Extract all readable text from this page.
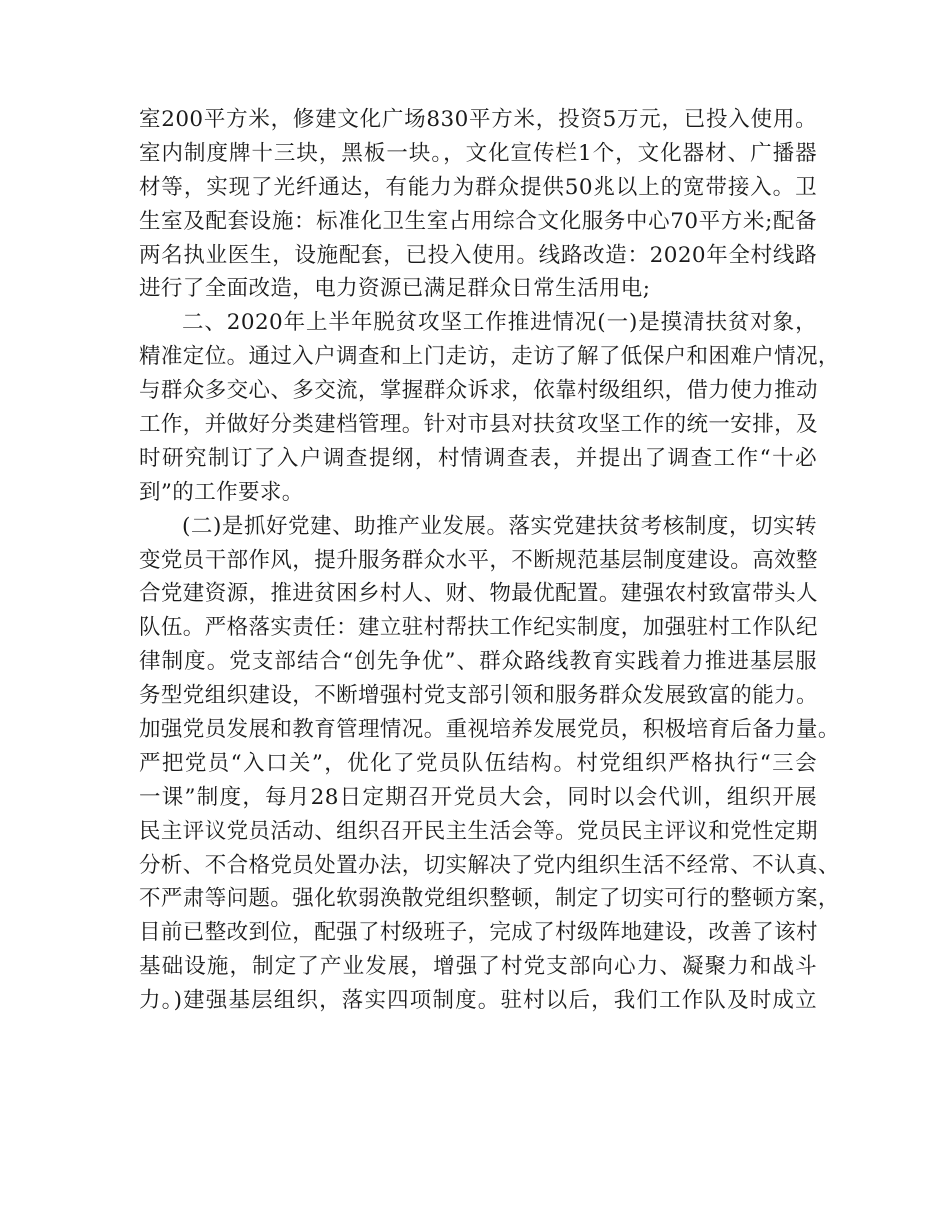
室200平方米，修建文化广场830平方米，投资5万元，已投入使用。
室内制度牌十三块，黑板一块。，文化宣传栏1个，文化器材、广播器
材等，实现了光纤通达，有能力为群众提供50兆以上的宽带接入。卫
生室及配套设施：标准化卫生室占用综合文化服务中心70平方米;配备
两名执业医生，设施配套，已投入使用。线路改造：2020年全村线路
进行了全面改造，电力资源已满足群众日常生活用电;
二、2020年上半年脱贫攻坚工作推进情况(一)是摸清扶贫对象，
精准定位。通过入户调查和上门走访，走访了解了低保户和困难户情况，
与群众多交心、多交流，掌握群众诉求，依靠村级组织，借力使力推动
工作，并做好分类建档管理。针对市县对扶贫攻坚工作的统一安排，及
时研究制订了入户调查提纲，村情调查表，并提出了调查工作“十必
到”的工作要求。
(二)是抓好党建、助推产业发展。落实党建扶贫考核制度，切实转
变党员干部作风，提升服务群众水平，不断规范基层制度建设。高效整
合党建资源，推进贫困乡村人、财、物最优配置。建强农村致富带头人
队伍。严格落实责任：建立驻村帮扶工作纪实制度，加强驻村工作队纪
律制度。党支部结合“创先争优”、群众路线教育实践着力推进基层服
务型党组织建设，不断增强村党支部引领和服务群众发展致富的能力。
加强党员发展和教育管理情况。重视培养发展党员，积极培育后备力量。
严把党员“入口关”，优化了党员队伍结构。村党组织严格执行“三会
一课”制度，每月28日定期召开党员大会，同时以会代训，组织开展
民主评议党员活动、组织召开民主生活会等。党员民主评议和党性定期
分析、不合格党员处置办法，切实解决了党内组织生活不经常、不认真、
不严肃等问题。强化软弱涣散党组织整顿，制定了切实可行的整顿方案，
目前已整改到位，配强了村级班子，完成了村级阵地建设，改善了该村
基础设施，制定了产业发展，增强了村党支部向心力、凝聚力和战斗
力。)建强基层组织，落实四项制度。驻村以后，我们工作队及时成立
